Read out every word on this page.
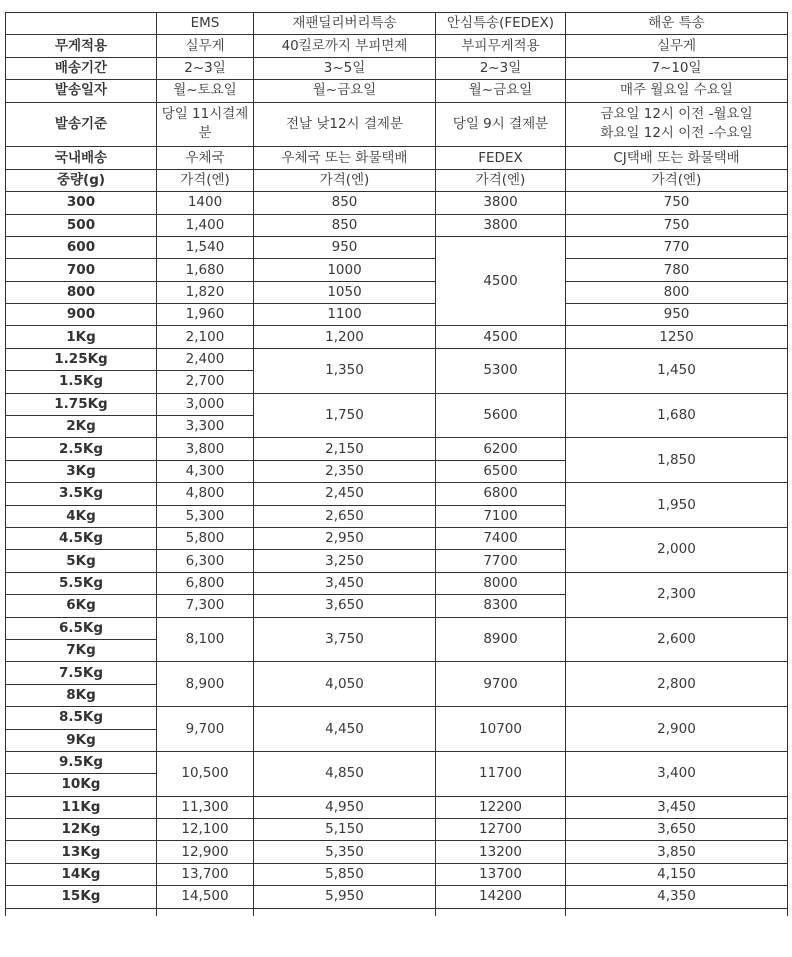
	EMS	재팬딜리버리특송	안심특송(FEDEX)	해운 특송
무게적용	실무게	40킬로까지 부피면제	부피무게적용	실무게
배송기간	2~3일	3~5일	2~3일	7~10일
발송일자	월~토요일	월~금요일	월~금요일	매주 월요일 수요일
발송기준	당일 11시결제분	전날 낮12시 결제분	당일 9시 결제분	금요일 12시 이전 -월요일
화요일 12시 이전 -수요일
국내배송	우체국	우체국 또는 화물택배	FEDEX	CJ택배 또는 화물택배
중량(g)	가격(엔)	가격(엔)	가격(엔)	가격(엔)
300	1400	850	3800	750
500	1,400	850	3800	750
600	1,540	950	4500	770
700	1,680	1000		780
800	1,820	1050		800
900	1,960	1100		950
1Kg	2,100	1,200	4500	1250
1.25Kg	2,400	1,350	5300	1,450
1.5Kg	2,700			
1.75Kg	3,000	1,750	5600	1,680
2Kg	3,300			
2.5Kg	3,800	2,150	6200	1,850
3Kg	4,300	2,350	6500	
3.5Kg	4,800	2,450	6800	1,950
4Kg	5,300	2,650	7100	
4.5Kg	5,800	2,950	7400	2,000
5Kg	6,300	3,250	7700	
5.5Kg	6,800	3,450	8000	2,300
6Kg	7,300	3,650	8300	
6.5Kg	8,100	3,750	8900	2,600
7Kg				
7.5Kg	8,900	4,050	9700	2,800
8Kg				
8.5Kg	9,700	4,450	10700	2,900
9Kg				
9.5Kg	10,500	4,850	11700	3,400
10Kg				
11Kg	11,300	4,950	12200	3,450
12Kg	12,100	5,150	12700	3,650
13Kg	12,900	5,350	13200	3,850
14Kg	13,700	5,850	13700	4,150
15Kg	14,500	5,950	14200	4,350
